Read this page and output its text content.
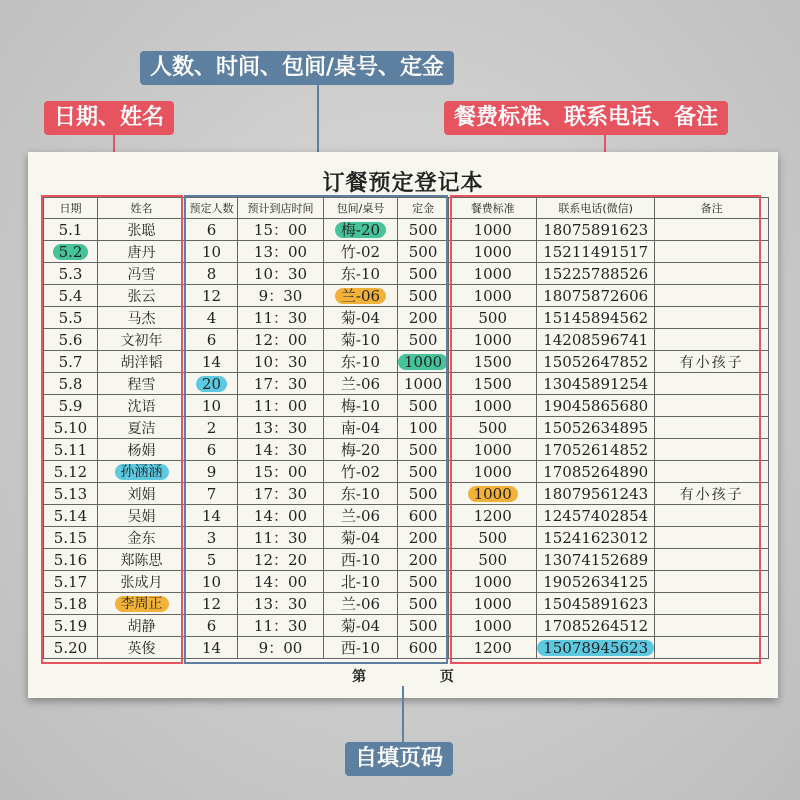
人数、时间、包间/桌号、定金
日期、姓名	餐费标准、联系电话、备注
订餐预定登记本
日期	姓名	预定人数	预计到店时间	包间/桌号	定金	餐费标准	联系电话(微信)	备注
5.1	张聪	6	15：00	梅-20	500	1000	18075891623	
5.2	唐丹	10	13：00	竹-02	500	1000	15211491517	
5.3	冯雪	8	10：30	东-10	500	1000	15225788526	
5.4	张云	12	9：30	兰-06	500	1000	18075872606	
5.5	马杰	4	11：30	菊-04	200	500	15145894562	
5.6	文初年	6	12：00	菊-10	500	1000	14208596741	
5.7	胡洋韬	14	10：30	东-10	1000	1500	15052647852	有小孩子
5.8	程雪	20	17：30	兰-06	1000	1500	13045891254	
5.9	沈语	10	11：00	梅-10	500	1000	19045865680	
5.10	夏洁	2	13：30	南-04	100	500	15052634895	
5.11	杨娟	6	14：30	梅-20	500	1000	17052614852	
5.12	孙涵涵	9	15：00	竹-02	500	1000	17085264890	
5.13	刘娟	7	17：30	东-10	500	1000	18079561243	有小孩子
5.14	吴娟	14	14：00	兰-06	600	1200	12457402854	
5.15	金东	3	11：30	菊-04	200	500	15241623012	
5.16	郑陈思	5	12：20	西-10	200	500	13074152689	
5.17	张成月	10	14：00	北-10	500	1000	19052634125	
5.18	李周正	12	13：30	兰-06	500	1000	15045891623	
5.19	胡静	6	11：30	菊-04	500	1000	17085264512	
5.20	英俊	14	9：00	西-10	600	1200	15078945623	
第	页
自填页码
